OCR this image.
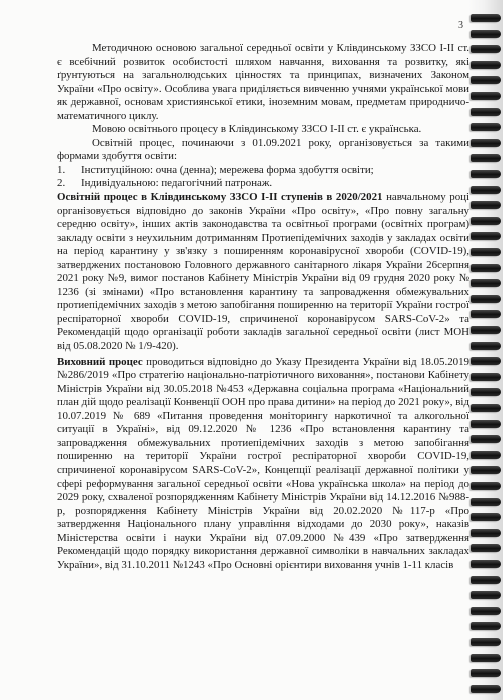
3

Методичною основою загальної середньої освіти у Клівдинському ЗЗСО І-ІІ ст. є всебічний розвиток особистості шляхом навчання, виховання та розвитку, які ґрунтуються на загальнолюдських цінностях та принципах, визначених Законом України «Про освіту». Особлива увага приділяється вивченню учнями української мови як державної, основам християнської етики, іноземним мовам, предметам природничо-математичного циклу.

Мовою освітнього процесу в Клівдинському ЗЗСО І-ІІ ст. є українська.

Освітній процес, починаючи з 01.09.2021 року, організовується за такими формами здобуття освіти:

1.	Інституційною: очна (денна); мережева форма здобуття освіти;
2.	Індивідуальною: педагогічний патронаж.

Освітній процес в Клівдинському ЗЗСО І-ІІ ступенів в 2020/2021 навчальному році організовується відповідно до законів України «Про освіту», «Про повну загальну середню освіту», інших актів законодавства та освітньої програми (освітніх програм) закладу освіти з неухильним дотриманням Протиепідемічних заходів у закладах освіти на період карантину у зв'язку з поширенням коронавірусної хвороби (COVID-19), затверджених постановою Головного державного санітарного лікаря України 26серпня 2021 року №9, вимог постанов Кабінету Міністрів України від 09 грудня 2020 року № 1236 (зі змінами) «Про встановлення карантину та запровадження обмежувальних протиепідемічних заходів з метою запобігання поширенню на території України гострої респіраторної хвороби COVID-19, спричиненої коронавірусом SARS-CoV-2» та Рекомендацій щодо організації роботи закладів загальної середньої освіти (лист МОН від 05.08.2020 № 1/9-420).

Виховний процес проводиться відповідно до Указу Президента України від 18.05.2019 №286/2019 «Про стратегію національно-патріотичного виховання», постанови Кабінету Міністрів України від 30.05.2018 №453 «Державна соціальна програма «Національний план дій щодо реалізації Конвенції ООН про права дитини» на період до 2021 року», від 10.07.2019 № 689 «Питання проведення моніторингу наркотичної та алкогольної ситуації в Україні», від 09.12.2020 № 1236 «Про встановлення карантину та запровадження обмежувальних протиепідемічних заходів з метою запобігання поширенню на території України гострої респіраторної хвороби COVID-19, спричиненої коронавірусом SARS-CoV-2», Концепції реалізації державної політики у сфері реформування загальної середньої освіти «Нова українська школа» на період до 2029 року, схваленої розпорядженням Кабінету Міністрів України від 14.12.2016 №988-р, розпорядження Кабінету Міністрів України від 20.02.2020 №117-р «Про затвердження Національного плану управління відходами до 2030 року», наказів Міністерства освіти і науки України від 07.09.2000 №439 «Про затвердження Рекомендацій щодо порядку використання державної символіки в навчальних закладах України», від 31.10.2011 №1243 «Про Основні орієнтири виховання учнів 1-11 класів
